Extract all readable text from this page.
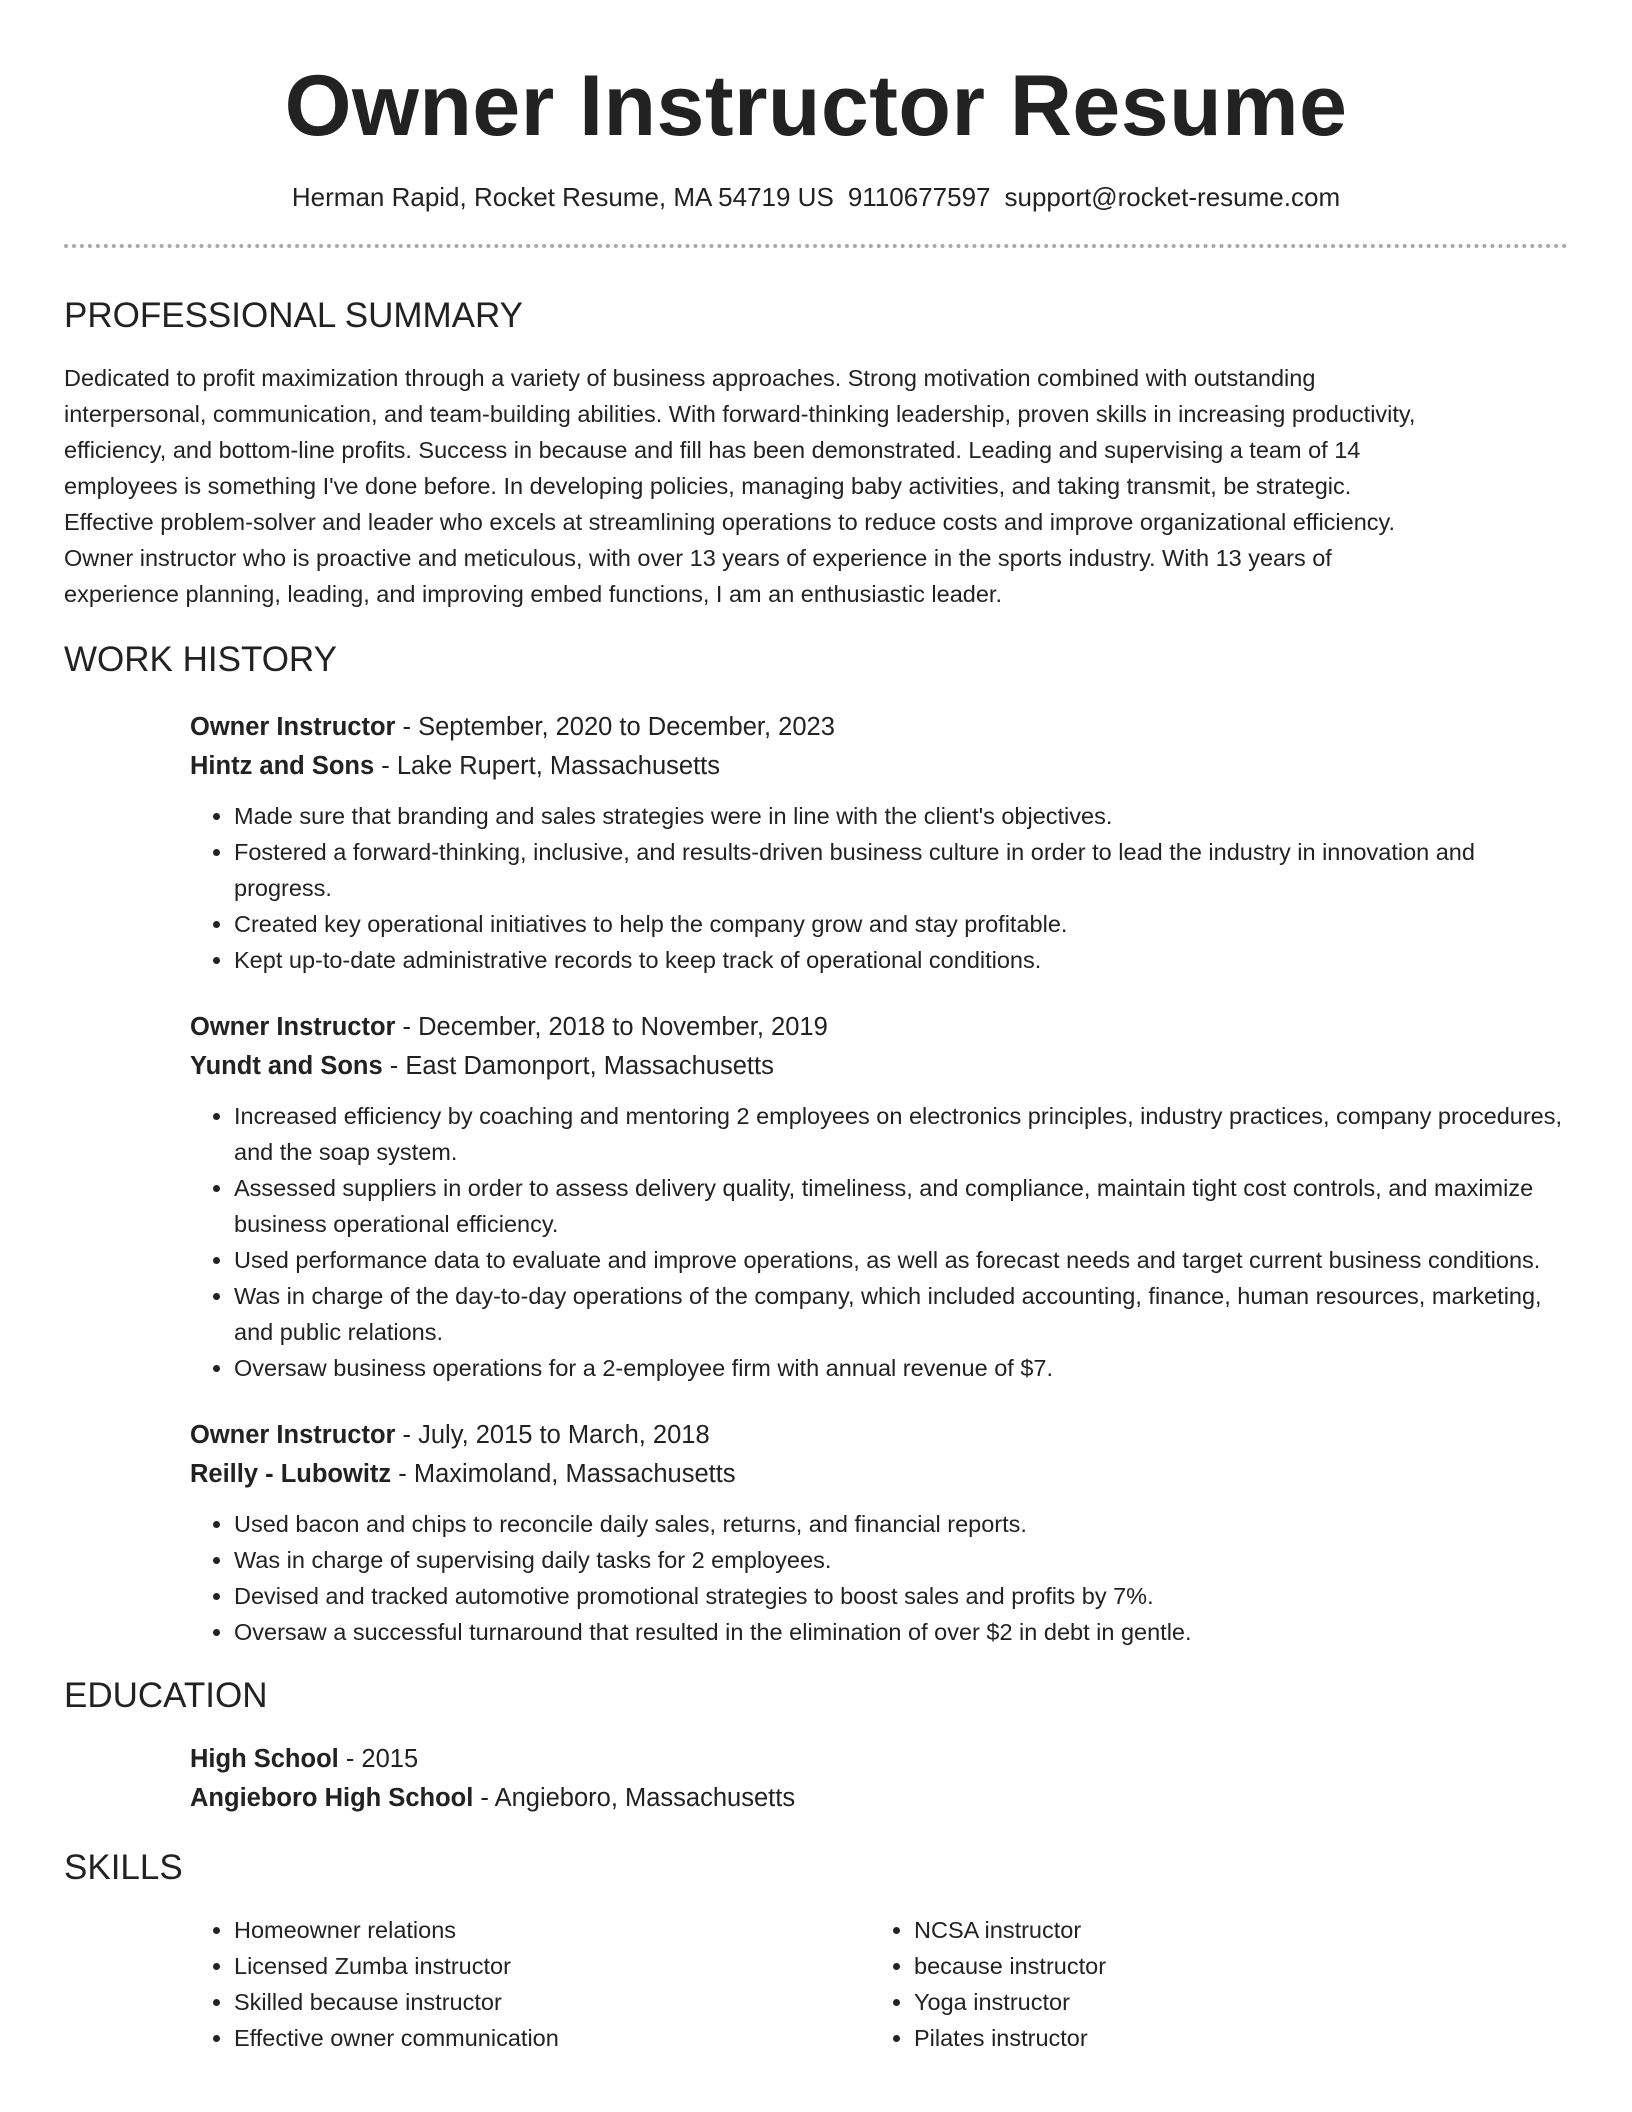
Owner Instructor Resume
Herman Rapid, Rocket Resume, MA 54719 US 9110677597 support@rocket-resume.com
PROFESSIONAL SUMMARY

Dedicated to profit maximization through a variety of business approaches. Strong motivation combined with outstanding interpersonal, communication, and team-building abilities. With forward-thinking leadership, proven skills in increasing productivity, efficiency, and bottom-line profits. Success in because and fill has been demonstrated. Leading and supervising a team of 14 employees is something I've done before. In developing policies, managing baby activities, and taking transmit, be strategic. Effective problem-solver and leader who excels at streamlining operations to reduce costs and improve organizational efficiency. Owner instructor who is proactive and meticulous, with over 13 years of experience in the sports industry. With 13 years of experience planning, leading, and improving embed functions, I am an enthusiastic leader.

WORK HISTORY

Owner Instructor - September, 2020 to December, 2023

Hintz and Sons - Lake Rupert, Massachusetts

• Made sure that branding and sales strategies were in line with the client's objectives.
• Fostered a forward-thinking, inclusive, and results-driven business culture in order to lead the industry in innovation and progress.
• Created key operational initiatives to help the company grow and stay profitable.
• Kept up-to-date administrative records to keep track of operational conditions.

Owner Instructor - December, 2018 to November, 2019

Yundt and Sons - East Damonport, Massachusetts

• Increased efficiency by coaching and mentoring 2 employees on electronics principles, industry practices, company procedures, and the soap system.
• Assessed suppliers in order to assess delivery quality, timeliness, and compliance, maintain tight cost controls, and maximize business operational efficiency.
• Used performance data to evaluate and improve operations, as well as forecast needs and target current business conditions.
• Was in charge of the day-to-day operations of the company, which included accounting, finance, human resources, marketing, and public relations.
• Oversaw business operations for a 2-employee firm with annual revenue of $7.

Owner Instructor - July, 2015 to March, 2018

Reilly - Lubowitz - Maximoland, Massachusetts

• Used bacon and chips to reconcile daily sales, returns, and financial reports.
• Was in charge of supervising daily tasks for 2 employees.
• Devised and tracked automotive promotional strategies to boost sales and profits by 7%.
• Oversaw a successful turnaround that resulted in the elimination of over $2 in debt in gentle.
EDUCATION

High School - 2015

Angieboro High School - Angieboro, Massachusetts

SKILLS
• Homeowner relations
• Licensed Zumba instructor
• Skilled because instructor
• Effective owner communication
• NCSA instructor
• because instructor
• Yoga instructor
• Pilates instructor
